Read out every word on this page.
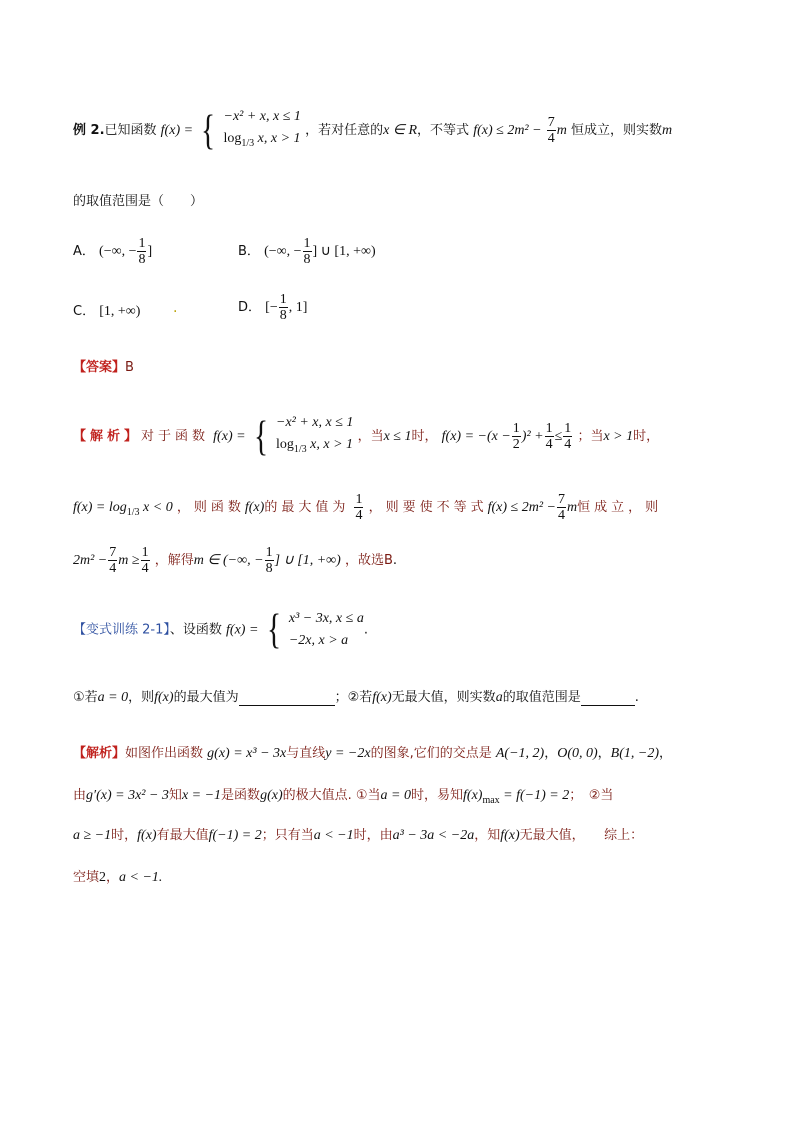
例 2.已知函数 f(x) = { −x² + x, x ≤ 1
$\log_{1/3} x$, x > 1
，若对任意的x ∈ R，不等式 $f(x) \le 2m^2 - \frac{7}{4}$ m 恒成立，则实数m
的取值范围是（　　）
A． (−∞, − $\frac{1}{8}$ ]	B． (−∞, − $\frac{1}{8}$ ] ∪ [1, +∞)
C． [1, +∞) .	D． [− $\frac{1}{8}$ , 1]
【答案】B
【解析】对于函数 f(x) = { −x² + x, x ≤ 1
$\log_{1/3} x$, x > 1
，当x ≤ 1时， $f(x) = -(x - \frac{1}{2} )^2 + \frac{1}{4} \le \frac{1}{4}$ ；当x > 1时，
$f(x) = \log_{1/3} x < 0$ ，则函数f(x)的最大值为 $\frac{1}{4}$ ，则要使不等式$f(x) \le 2m^2 - \frac{7}{4}$ m恒成立，则
$2m^2 - \frac{7}{4}$ $m \ge \frac{1}{4}$ ，解得m ∈ (−∞, − $\frac{1}{8}$ ] ∪ [1, +∞) ，故选B.
【变式训练 2-1】、设函数 f(x) = { x³ − 3x, x ≤ a
−2x, x > a
.
①若a = 0，则f(x)的最大值为	；②若f(x)无最大值，则实数a的取值范围是	.
【解析】如图作出函数 g(x) = x³ − 3x与直线y = −2x的图象,它们的交点是 A(−1, 2)，O(0, 0)，B(1, −2)，
由g′(x) = 3x² − 3知x = −1是函数g(x)的极大值点. ①当a = 0时，易知$f(x)_{max} = f(-1) = 2$；　②当
a ≥ −1时，f(x)有最大值f(−1) = 2；只有当a < −1时，由a³ − 3a < −2a，知f(x)无最大值，　　综上：
空填2，a < −1.
